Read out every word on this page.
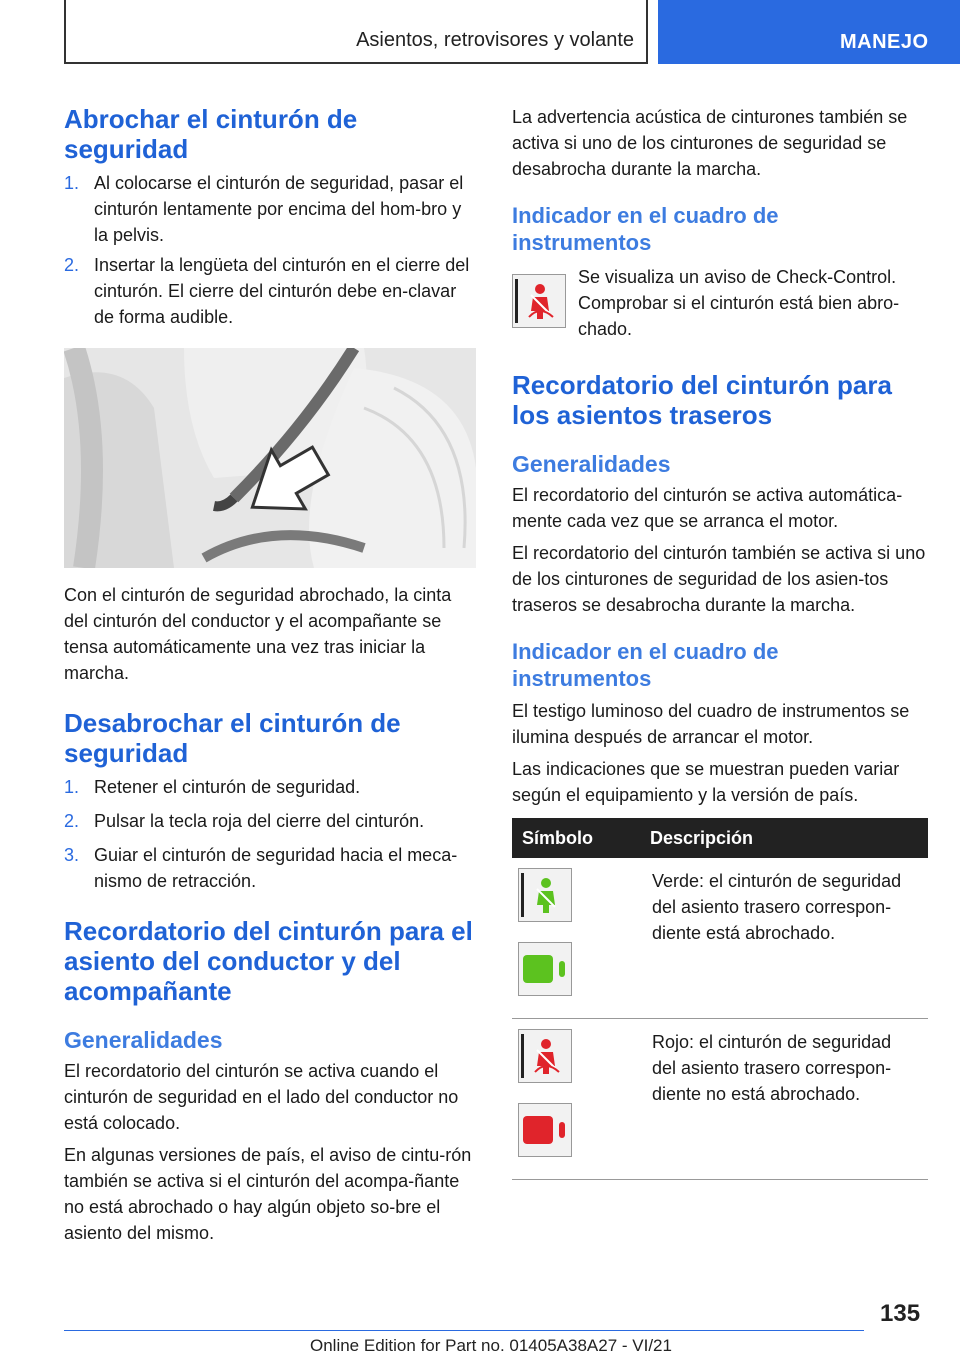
Asientos, retrovisores y volante	MANEJO
Abrochar el cinturón de seguridad
1. Al colocarse el cinturón de seguridad, pasar el cinturón lentamente por encima del hom-bro y la pelvis.
2. Insertar la lengüeta del cinturón en el cierre del cinturón. El cierre del cinturón debe en-clavar de forma audible.

Con el cinturón de seguridad abrochado, la cinta del cinturón del conductor y el acompañante se tensa automáticamente una vez tras iniciar la marcha.

Desabrochar el cinturón de seguridad
1. Retener el cinturón de seguridad.
2. Pulsar la tecla roja del cierre del cinturón.
3. Guiar el cinturón de seguridad hacia el meca-nismo de retracción.
Recordatorio del cinturón para el asiento del conductor y del acompañante
Generalidades

El recordatorio del cinturón se activa cuando el cinturón de seguridad en el lado del conductor no está colocado.

En algunas versiones de país, el aviso de cintu-rón también se activa si el cinturón del acompa-ñante no está abrochado o hay algún objeto so-bre el asiento del mismo.

La advertencia acústica de cinturones también se activa si uno de los cinturones de seguridad se desabrocha durante la marcha.

Indicador en el cuadro de instrumentos

Se visualiza un aviso de Check-Control. Comprobar si el cinturón está bien abro-chado.

Recordatorio del cinturón para los asientos traseros
Generalidades

El recordatorio del cinturón se activa automática-mente cada vez que se arranca el motor.

El recordatorio del cinturón también se activa si uno de los cinturones de seguridad de los asien-tos traseros se desabrocha durante la marcha.

Indicador en el cuadro de instrumentos

El testigo luminoso del cuadro de instrumentos se ilumina después de arrancar el motor.

Las indicaciones que se muestran pueden variar según el equipamiento y la versión de país.

Símbolo	Descripción

	Verde: el cinturón de seguridad del asiento trasero correspon-diente está abrochado.

	Rojo: el cinturón de seguridad del asiento trasero correspon-diente no está abrochado.
135
Online Edition for Part no. 01405A38A27 - VI/21
